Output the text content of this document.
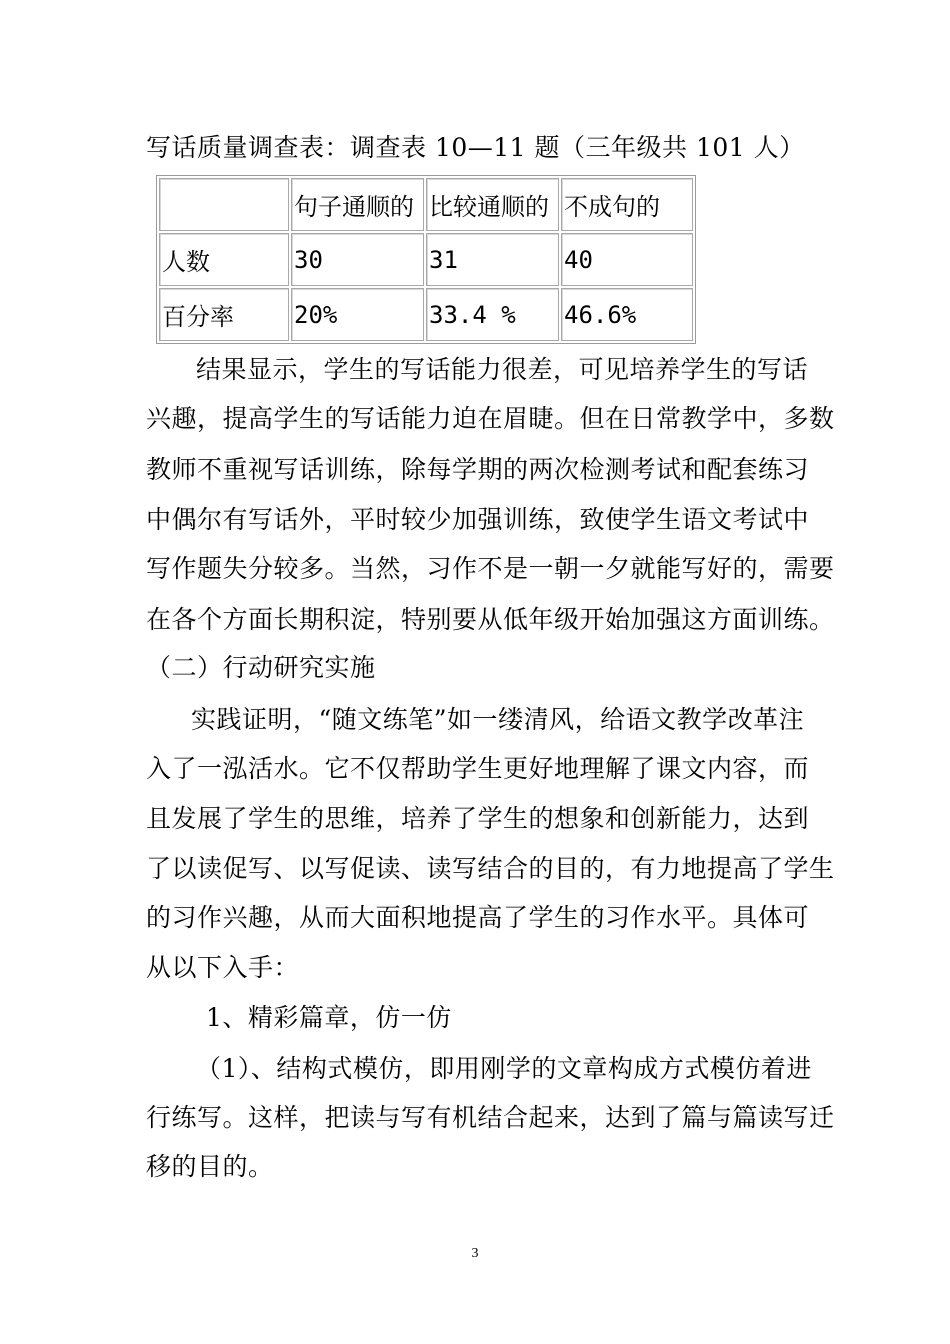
写话质量调查表：调查表 10—11 题（三年级共 101 人）
	句子通顺的	比较通顺的	不成句的
人数	30	31	40
百分率	20%	33.4 %	46.6%
结果显示，学生的写话能力很差，可见培养学生的写话
兴趣，提高学生的写话能力迫在眉睫。但在日常教学中，多数
教师不重视写话训练，除每学期的两次检测考试和配套练习
中偶尔有写话外，平时较少加强训练，致使学生语文考试中
写作题失分较多。当然，习作不是一朝一夕就能写好的，需要
在各个方面长期积淀，特别要从低年级开始加强这方面训练。
（二）行动研究实施
实践证明，“随文练笔”如一缕清风，给语文教学改革注
入了一泓活水。它不仅帮助学生更好地理解了课文内容，而
且发展了学生的思维，培养了学生的想象和创新能力，达到
了以读促写、以写促读、读写结合的目的，有力地提高了学生
的习作兴趣，从而大面积地提高了学生的习作水平。具体可
从以下入手：
1、精彩篇章，仿一仿
（1）、结构式模仿，即用刚学的文章构成方式模仿着进
行练写。这样，把读与写有机结合起来，达到了篇与篇读写迁
移的目的。
3
